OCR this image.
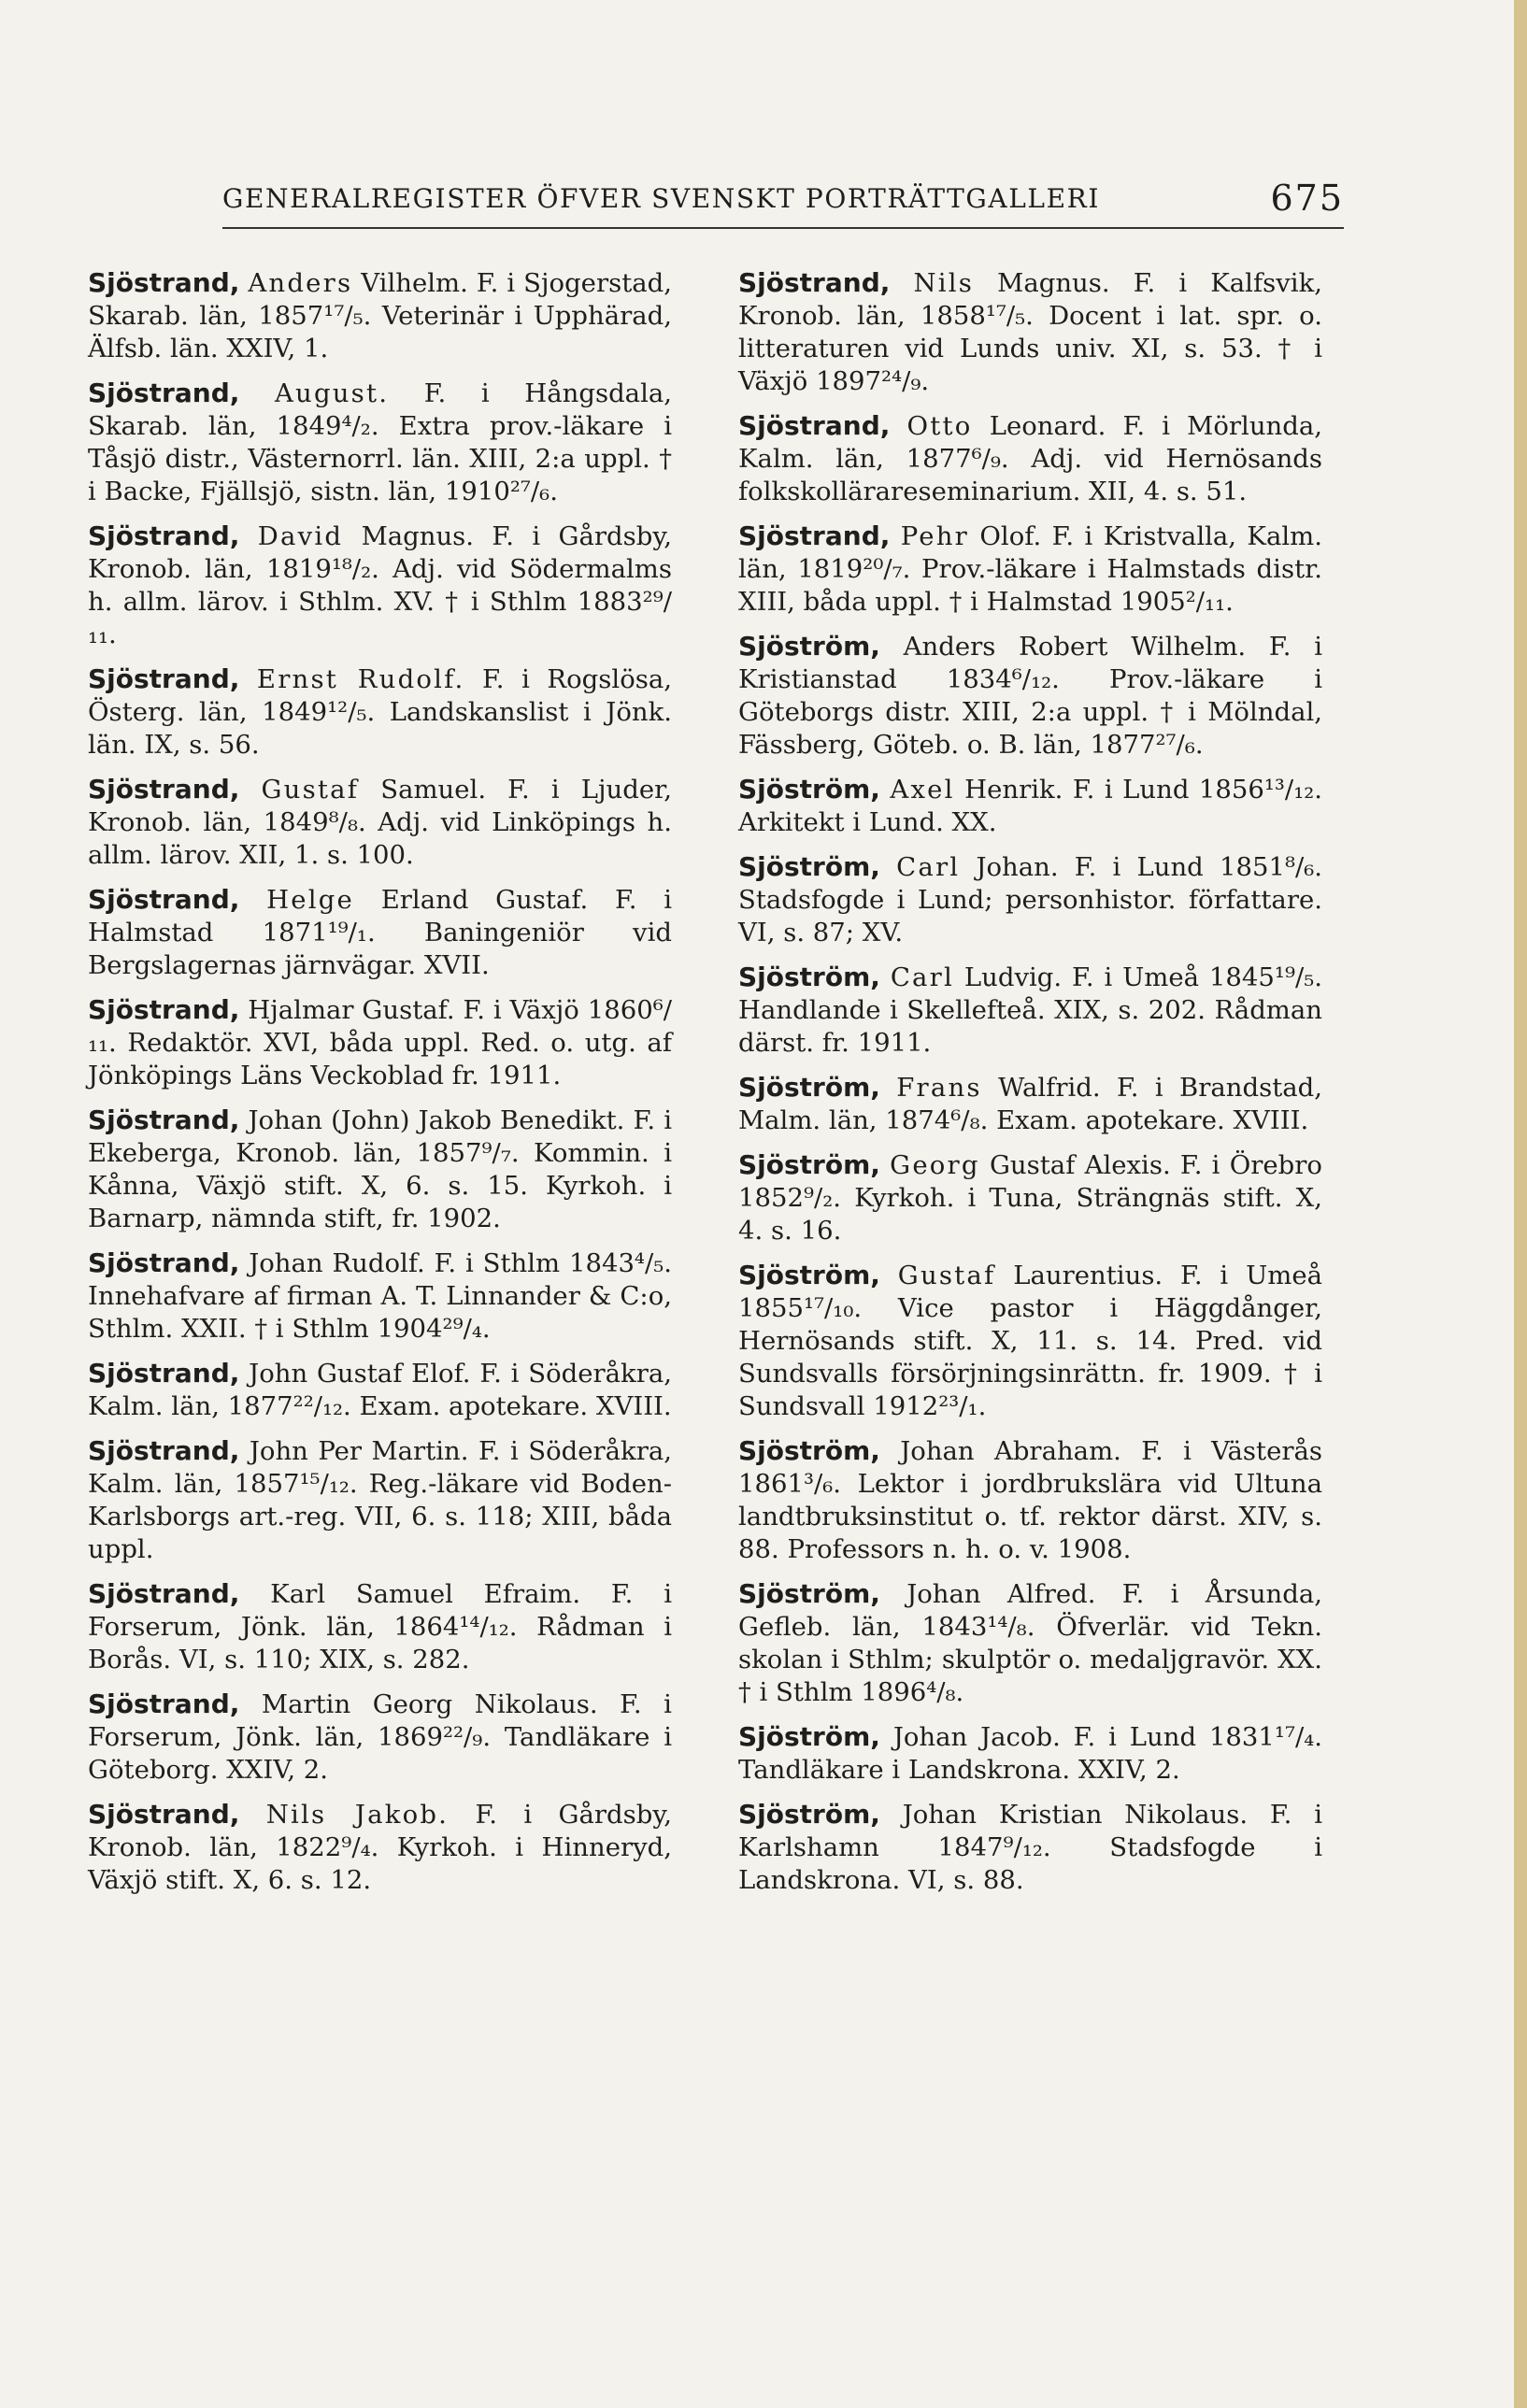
GENERALREGISTER ÖFVER SVENSKT PORTRÄTTGALLERI	675

Sjöstrand, Anders Vilhelm. F. i Sjogerstad, Skarab. län, 1857¹⁷/₅. Veterinär i Upphärad, Älfsb. län. XXIV, 1.

Sjöstrand, August. F. i Hångsdala, Skarab. län, 1849⁴/₂. Extra prov.-läkare i Tåsjö distr., Västernorrl. län. XIII, 2:a uppl. † i Backe, Fjällsjö, sistn. län, 1910²⁷/₆.

Sjöstrand, David Magnus. F. i Gårdsby, Kronob. län, 1819¹⁸/₂. Adj. vid Södermalms h. allm. lärov. i Sthlm. XV. † i Sthlm 1883²⁹/₁₁.

Sjöstrand, Ernst Rudolf. F. i Rogslösa, Österg. län, 1849¹²/₅. Landskanslist i Jönk. län. IX, s. 56.

Sjöstrand, Gustaf Samuel. F. i Ljuder, Kronob. län, 1849⁸/₈. Adj. vid Linköpings h. allm. lärov. XII, 1. s. 100.

Sjöstrand, Helge Erland Gustaf. F. i Halmstad 1871¹⁹/₁. Baningeniör vid Bergslagernas järnvägar. XVII.

Sjöstrand, Hjalmar Gustaf. F. i Växjö 1860⁶/₁₁. Redaktör. XVI, båda uppl. Red. o. utg. af Jönköpings Läns Veckoblad fr. 1911.

Sjöstrand, Johan (John) Jakob Benedikt. F. i Ekeberga, Kronob. län, 1857⁹/₇. Kommin. i Kånna, Växjö stift. X, 6. s. 15. Kyrkoh. i Barnarp, nämnda stift, fr. 1902.

Sjöstrand, Johan Rudolf. F. i Sthlm 1843⁴/₅. Innehafvare af firman A. T. Linnander & C:o, Sthlm. XXII. † i Sthlm 1904²⁹/₄.

Sjöstrand, John Gustaf Elof. F. i Söderåkra, Kalm. län, 1877²²/₁₂. Exam. apotekare. XVIII.

Sjöstrand, John Per Martin. F. i Söderåkra, Kalm. län, 1857¹⁵/₁₂. Reg.-läkare vid Boden-Karlsborgs art.-reg. VII, 6. s. 118; XIII, båda uppl.

Sjöstrand, Karl Samuel Efraim. F. i Forserum, Jönk. län, 1864¹⁴/₁₂. Rådman i Borås. VI, s. 110; XIX, s. 282.

Sjöstrand, Martin Georg Nikolaus. F. i Forserum, Jönk. län, 1869²²/₉. Tandläkare i Göteborg. XXIV, 2.

Sjöstrand, Nils Jakob. F. i Gårdsby, Kronob. län, 1822⁹/₄. Kyrkoh. i Hinneryd, Växjö stift. X, 6. s. 12.

Sjöstrand, Nils Magnus. F. i Kalfsvik, Kronob. län, 1858¹⁷/₅. Docent i lat. spr. o. litteraturen vid Lunds univ. XI, s. 53. † i Växjö 1897²⁴/₉.

Sjöstrand, Otto Leonard. F. i Mörlunda, Kalm. län, 1877⁶/₉. Adj. vid Hernösands folkskollärareseminarium. XII, 4. s. 51.

Sjöstrand, Pehr Olof. F. i Kristvalla, Kalm. län, 1819²⁰/₇. Prov.-läkare i Halmstads distr. XIII, båda uppl. † i Halmstad 1905²/₁₁.

Sjöström, Anders Robert Wilhelm. F. i Kristianstad 1834⁶/₁₂. Prov.-läkare i Göteborgs distr. XIII, 2:a uppl. † i Mölndal, Fässberg, Göteb. o. B. län, 1877²⁷/₆.

Sjöström, Axel Henrik. F. i Lund 1856¹³/₁₂. Arkitekt i Lund. XX.

Sjöström, Carl Johan. F. i Lund 1851⁸/₆. Stadsfogde i Lund; personhistor. författare. VI, s. 87; XV.

Sjöström, Carl Ludvig. F. i Umeå 1845¹⁹/₅. Handlande i Skellefteå. XIX, s. 202. Rådman därst. fr. 1911.

Sjöström, Frans Walfrid. F. i Brandstad, Malm. län, 1874⁶/₈. Exam. apotekare. XVIII.

Sjöström, Georg Gustaf Alexis. F. i Örebro 1852⁹/₂. Kyrkoh. i Tuna, Strängnäs stift. X, 4. s. 16.

Sjöström, Gustaf Laurentius. F. i Umeå 1855¹⁷/₁₀. Vice pastor i Häggdånger, Hernösands stift. X, 11. s. 14. Pred. vid Sundsvalls försörjningsinrättn. fr. 1909. † i Sundsvall 1912²³/₁.

Sjöström, Johan Abraham. F. i Västerås 1861³/₆. Lektor i jordbrukslära vid Ultuna landtbruksinstitut o. tf. rektor därst. XIV, s. 88. Professors n. h. o. v. 1908.

Sjöström, Johan Alfred. F. i Årsunda, Gefleb. län, 1843¹⁴/₈. Öfverlär. vid Tekn. skolan i Sthlm; skulptör o. medaljgravör. XX. † i Sthlm 1896⁴/₈.

Sjöström, Johan Jacob. F. i Lund 1831¹⁷/₄. Tandläkare i Landskrona. XXIV, 2.

Sjöström, Johan Kristian Nikolaus. F. i Karlshamn 1847⁹/₁₂. Stadsfogde i Landskrona. VI, s. 88.
